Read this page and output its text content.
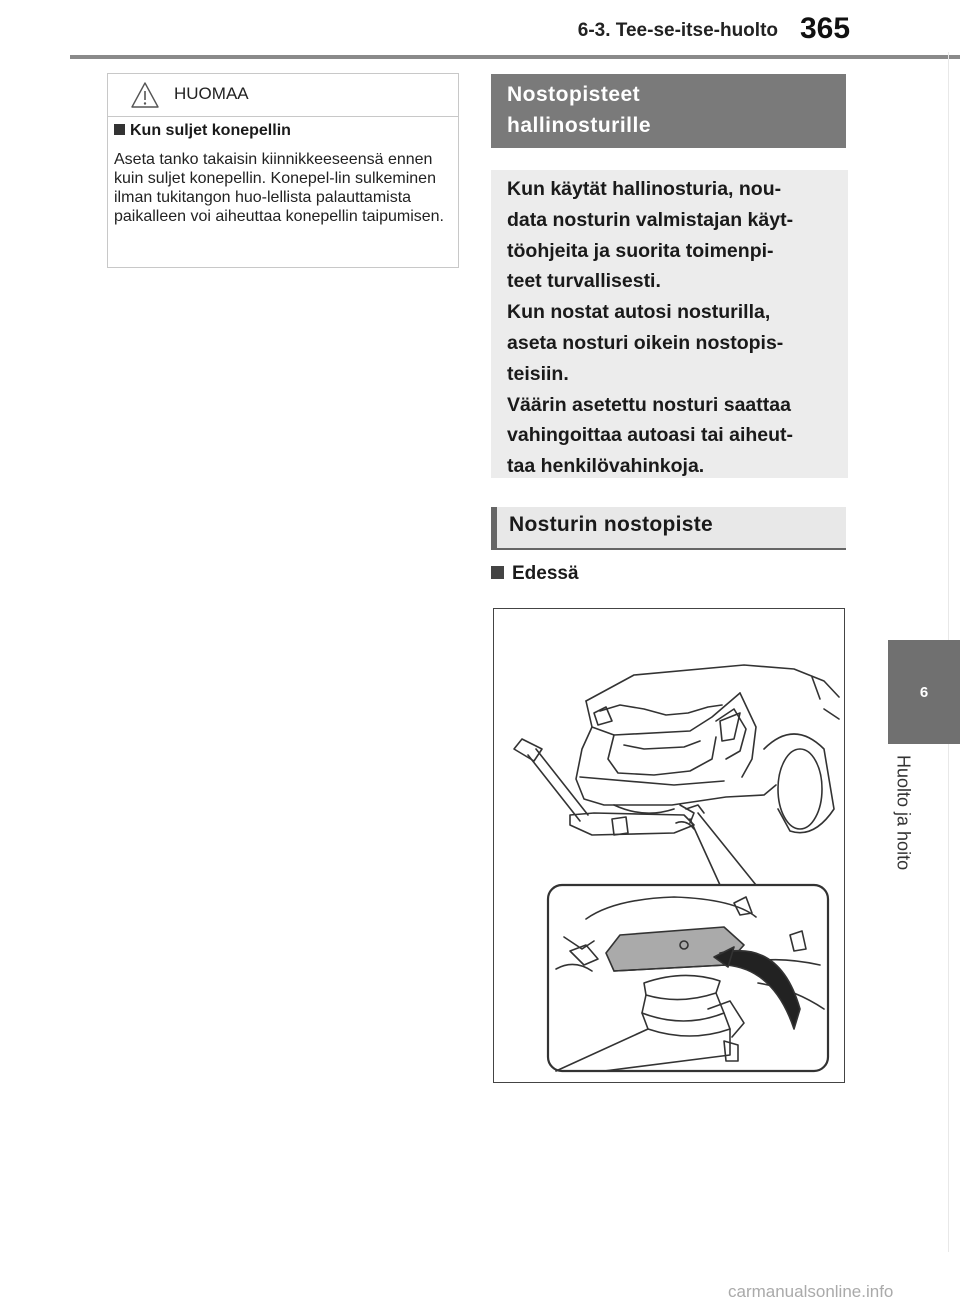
6-3. Tee-se-itse-huolto 365
6
Huolto ja hoito
HUOMAA
Kun suljet konepellin
Aseta tanko takaisin kiinnikkeeseensä ennen kuin suljet konepellin. Konepel-lin sulkeminen ilman tukitangon huo-lellista palauttamista paikalleen voi aiheuttaa konepellin taipumisen.
Nostopisteet
hallinosturille

Kun käytät hallinosturia, nou-

data nosturin valmistajan käyt-

töohjeita ja suorita toimenpi-

teet turvallisesti.

Kun nostat autosi nosturilla,

aseta nosturi oikein nostopis-

teisiin.

Väärin asetettu nosturi saattaa

vahingoittaa autoasi tai aiheut-

taa henkilövahinkoja.

Nosturin nostopiste
Edessä
carmanualsonline.info
